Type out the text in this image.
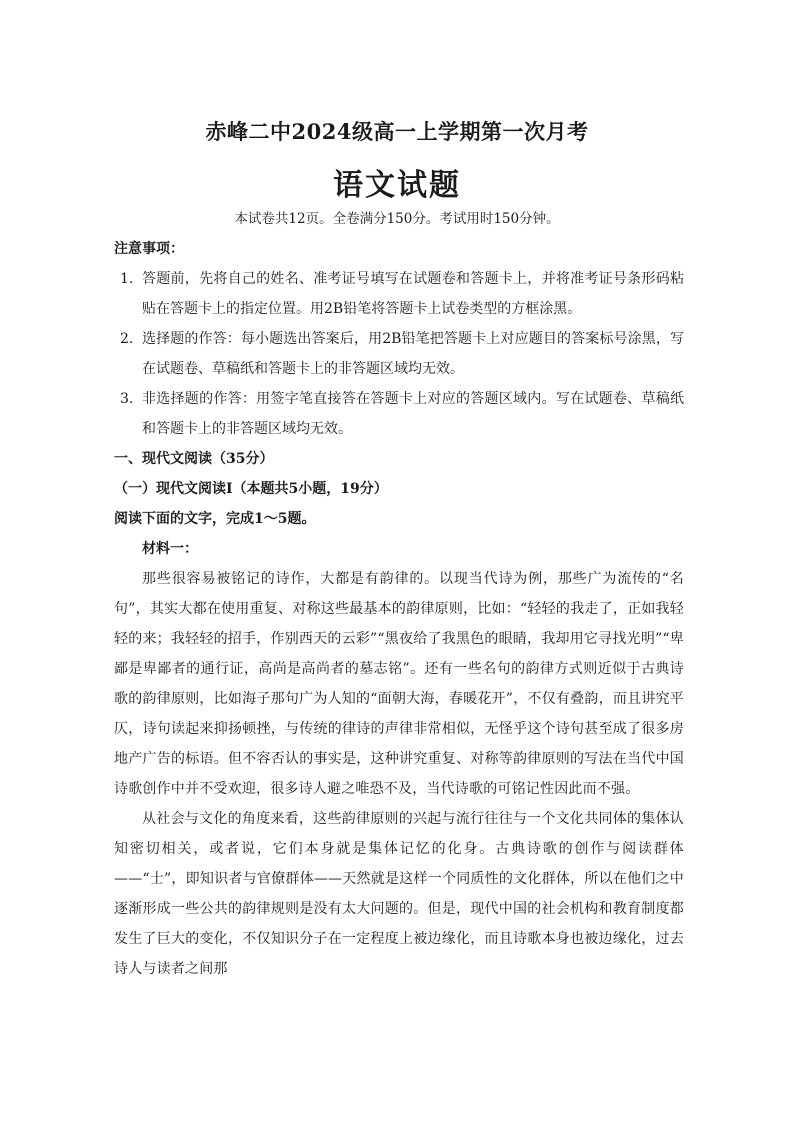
赤峰二中2024级高一上学期第一次月考
语文试题
本试卷共12页。全卷满分150分。考试用时150分钟。

注意事项：

1． 答题前，先将自己的姓名、准考证号填写在试题卷和答题卡上，并将准考证号条形码粘贴在答题卡上的指定位置。用2B铅笔将答题卡上试卷类型的方框涂黑。

2． 选择题的作答：每小题选出答案后，用2B铅笔把答题卡上对应题目的答案标号涂黑，写在试题卷、草稿纸和答题卡上的非答题区域均无效。

3． 非选择题的作答：用签字笔直接答在答题卡上对应的答题区域内。写在试题卷、草稿纸和答题卡上的非答题区域均无效。

一、现代文阅读（35分）

（一）现代文阅读Ⅰ（本题共5小题，19分）

阅读下面的文字，完成1～5题。

材料一：

那些很容易被铭记的诗作，大都是有韵律的。以现当代诗为例，那些广为流传的“名句”，其实大都在使用重复、对称这些最基本的韵律原则，比如：“轻轻的我走了，正如我轻轻的来；我轻轻的招手，作别西天的云彩”“黑夜给了我黑色的眼睛，我却用它寻找光明”“卑鄙是卑鄙者的通行证，高尚是高尚者的墓志铭”。还有一些名句的韵律方式则近似于古典诗歌的韵律原则，比如海子那句广为人知的“面朝大海，春暖花开”，不仅有叠韵，而且讲究平仄，诗句读起来抑扬顿挫，与传统的律诗的声律非常相似，无怪乎这个诗句甚至成了很多房地产广告的标语。但不容否认的事实是，这种讲究重复、对称等韵律原则的写法在当代中国诗歌创作中并不受欢迎，很多诗人避之唯恐不及，当代诗歌的可铭记性因此而不强。

从社会与文化的角度来看，这些韵律原则的兴起与流行往往与一个文化共同体的集体认知密切相关，或者说，它们本身就是集体记忆的化身。古典诗歌的创作与阅读群体——“士”，即知识者与官僚群体——天然就是这样一个同质性的文化群体，所以在他们之中逐渐形成一些公共的韵律规则是没有太大问题的。但是，现代中国的社会机构和教育制度都发生了巨大的变化，不仅知识分子在一定程度上被边缘化，而且诗歌本身也被边缘化，过去诗人与读者之间那
